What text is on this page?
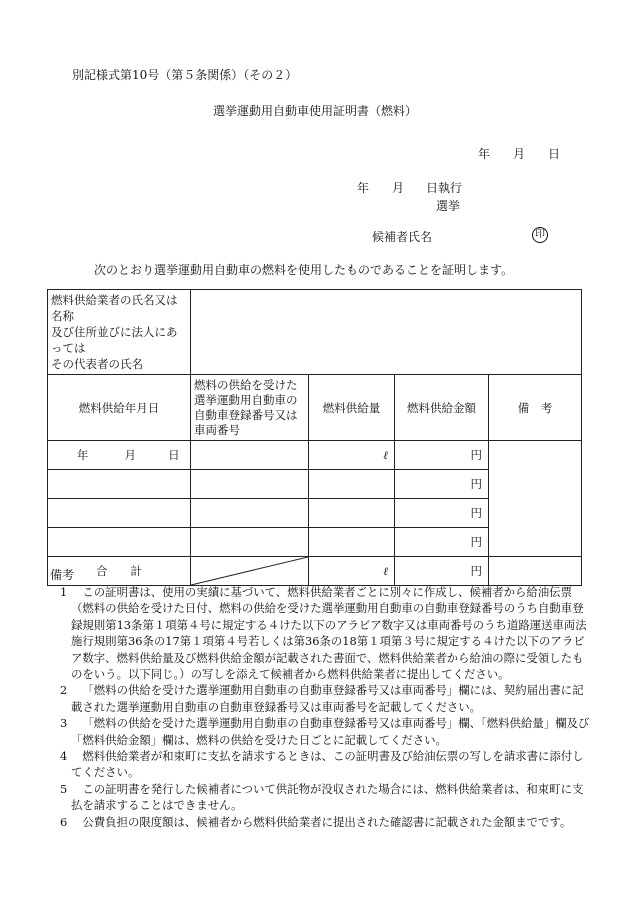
別記様式第10号（第５条関係）（その２）
選挙運動用自動車使用証明書（燃料）
年 月 日
年 月 日執行
選挙
候補者氏名	印
次のとおり選挙運動用自動車の燃料を使用したものであることを証明します。
燃料供給業者の氏名又は名称
及び住所並びに法人にあっては
その代表者の氏名				

燃料供給年月日	燃料の供給を受けた
選挙運動用自動車の
自動車登録番号又は
車両番号	燃料供給量	燃料供給金額	備　考
年 月 日		ℓ	円	
			円	
			円	
			円	
合　　計		ℓ	円	
備考

1	この証明書は、使用の実績に基づいて、燃料供給業者ごとに別々に作成し、候補者から給油伝票（燃料の供給を受けた日付、燃料の供給を受けた選挙運動用自動車の自動車登録番号のうち自動車登録規則第13条第１項第４号に規定する４けた以下のアラビア数字又は車両番号のうち道路運送車両法施行規則第36条の17第１項第４号若しくは第36条の18第１項第３号に規定する４けた以下のアラビア数字、燃料供給量及び燃料供給金額が記載された書面で、燃料供給業者から給油の際に受領したものをいう。以下同じ。）の写しを添えて候補者から燃料供給業者に提出してください。

2	「燃料の供給を受けた選挙運動用自動車の自動車登録番号又は車両番号」欄には、契約届出書に記載された選挙運動用自動車の自動車登録番号又は車両番号を記載してください。

3	「燃料の供給を受けた選挙運動用自動車の自動車登録番号又は車両番号」欄、「燃料供給量」欄及び「燃料供給金額」欄は、燃料の供給を受けた日ごとに記載してください。

4	燃料供給業者が和束町に支払を請求するときは、この証明書及び給油伝票の写しを請求書に添付してください。

5	この証明書を発行した候補者について供託物が没収された場合には、燃料供給業者は、和束町に支払を請求することはできません。

6	公費負担の限度額は、候補者から燃料供給業者に提出された確認書に記載された金額までです。
